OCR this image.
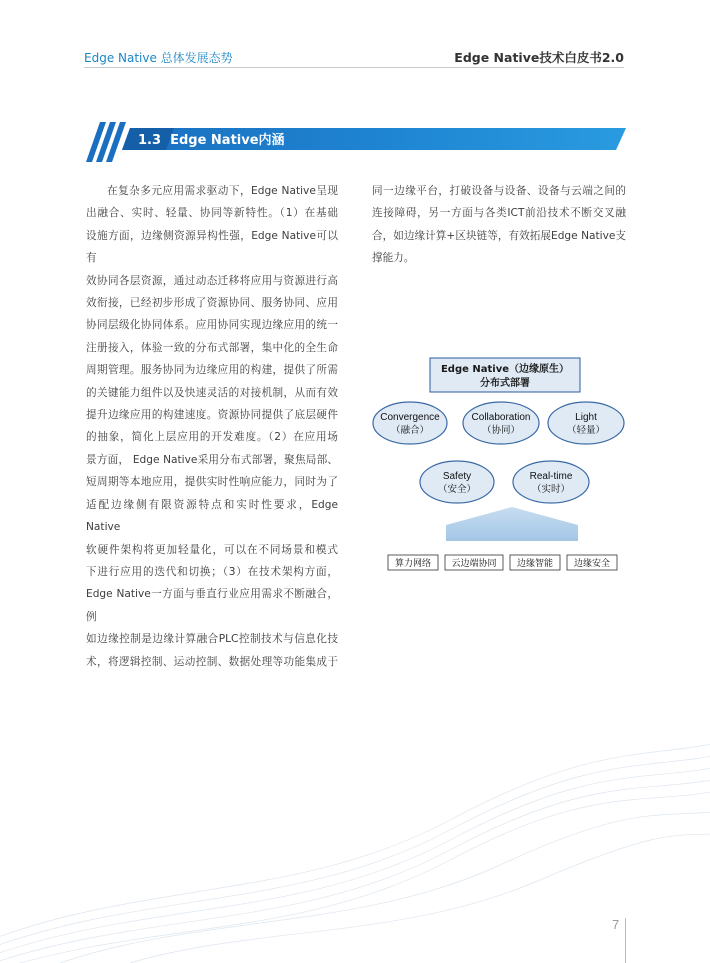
Edge Native 总体发展态势	Edge Native技术白皮书2.0
1.3 Edge Native内涵

在复杂多元应用需求驱动下，Edge Native呈现

出融合、实时、轻量、协同等新特性。（1）在基础

设施方面，边缘侧资源异构性强，Edge Native可以有

效协同各层资源，通过动态迁移将应用与资源进行高

效衔接，已经初步形成了资源协同、服务协同、应用

协同层级化协同体系。应用协同实现边缘应用的统一

注册接入，体验一致的分布式部署，集中化的全生命

周期管理。服务协同为边缘应用的构建，提供了所需

的关键能力组件以及快速灵活的对接机制，从而有效

提升边缘应用的构建速度。资源协同提供了底层硬件

的抽象，简化上层应用的开发难度。（2）在应用场

景方面， Edge Native采用分布式部署，聚焦局部、

短周期等本地应用，提供实时性响应能力，同时为了

适配边缘侧有限资源特点和实时性要求，Edge Native

软硬件架构将更加轻量化，可以在不同场景和模式

下进行应用的迭代和切换；（3）在技术架构方面，

Edge Native一方面与垂直行业应用需求不断融合，例

如边缘控制是边缘计算融合PLC控制技术与信息化技

术，将逻辑控制、运动控制、数据处理等功能集成于

同一边缘平台，打破设备与设备、设备与云端之间的

连接障碍，另一方面与各类ICT前沿技术不断交叉融

合，如边缘计算+区块链等，有效拓展Edge Native支

撑能力。

Edge Native（边缘原生）
分布式部署
Convergence
（融合）
Collaboration
（协同）
Light
（轻量）
Safety
（安全）
Real-time
（实时）
算力网络 云边端协同 边缘智能 边缘安全
7
